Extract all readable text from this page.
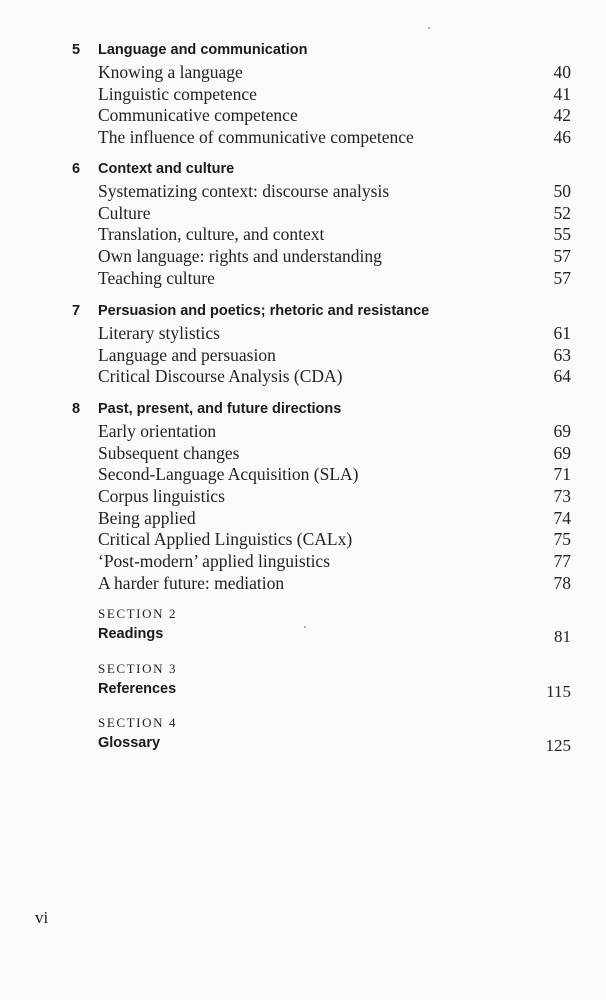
5 Language and communication
Knowing a language	40
Linguistic competence	41
Communicative competence	42
The influence of communicative competence	46
6 Context and culture
Systematizing context: discourse analysis	50
Culture	52
Translation, culture, and context	55
Own language: rights and understanding	57
Teaching culture	57
7 Persuasion and poetics; rhetoric and resistance
Literary stylistics	61
Language and persuasion	63
Critical Discourse Analysis (CDA)	64
8 Past, present, and future directions
Early orientation	69
Subsequent changes	69
Second-Language Acquisition (SLA)	71
Corpus linguistics	73
Being applied	74
Critical Applied Linguistics (CALx)	75
‘Post-modern’ applied linguistics	77
A harder future: mediation	78
SECTION 2
Readings	81
SECTION 3
References	115
SECTION 4
Glossary	125
vi
